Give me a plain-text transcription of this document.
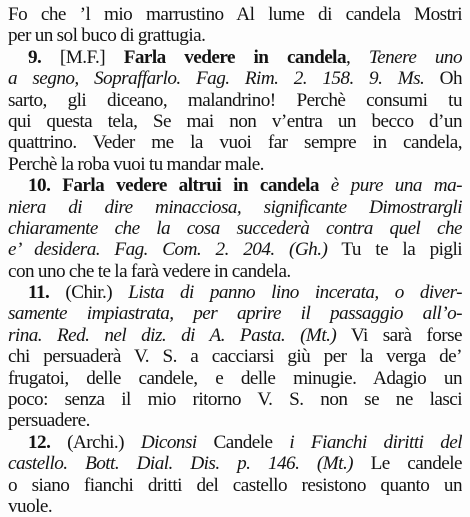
Fo che ’l mio marrustino Al lume di candela Mostri
per un sol buco di grattugia.
9. [M.F.] Farla vedere in candela, Tenere uno
a segno, Sopraffarlo. Fag. Rim. 2. 158. 9. Ms. Oh
sarto, gli diceano, malandrino! Perchè consumi tu
qui questa tela, Se mai non v’entra un becco d’un
quattrino. Veder me la vuoi far sempre in candela,
Perchè la roba vuoi tu mandar male.
10. Farla vedere altrui in candela è pure una ma-
niera di dire minacciosa, significante Dimostrargli
chiaramente che la cosa succederà contra quel che
e’ desidera. Fag. Com. 2. 204. (Gh.) Tu te la pigli
con uno che te la farà vedere in candela.
11. (Chir.) Lista di panno lino incerata, o diver-
samente impiastrata, per aprire il passaggio all’o-
rina. Red. nel diz. di A. Pasta. (Mt.) Vi sarà forse
chi persuaderà V. S. a cacciarsi giù per la verga de’
frugatoi, delle candele, e delle minugie. Adagio un
poco: senza il mio ritorno V. S. non se ne lasci
persuadere.
12. (Archi.) Diconsi Candele i Fianchi diritti del
castello. Bott. Dial. Dis. p. 146. (Mt.) Le candele
o siano fianchi dritti del castello resistono quanto un
vuole.
